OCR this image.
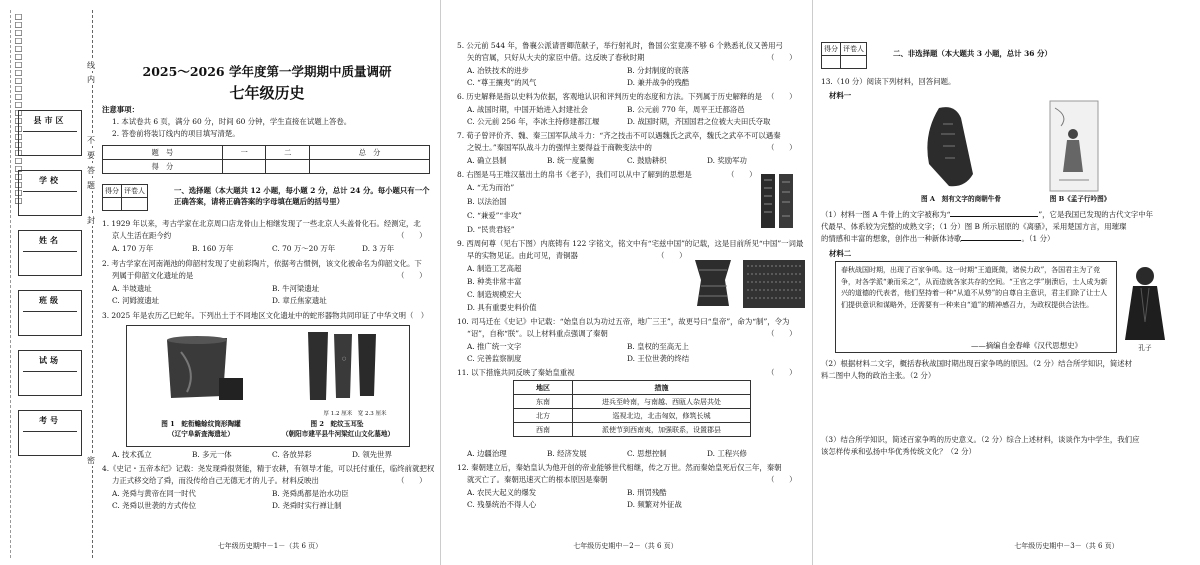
线
内
不
要
答
题
封
密
□□□□□□□□□□□□□□□□□□□□□□□□	县市区
学校
姓名
班级
试场
考号
2025～2026 学年度第一学期期中质量调研
七年级历史
注意事项：
1. 本试卷共 6 页，满分 60 分，时间 60 分钟，学生直接在试题上答卷。
2. 答卷前将装订线内的项目填写清楚。
题　号	一	二	总　分
得　分			
得分	评卷人
		一、选择题（本大题共 12 小题，每小题 2 分，总计 24 分。每小题只有一个正确答案，请将正确答案的字母填在题后的括号里）
1. 1929 年以来，考古学家在北京周口店龙骨山上相继发现了一些北京人头盖骨化石。经测定，北
京人生活在距今约	（　　）
A. 170 万年	B. 160 万年	C. 70 万～20 万年	D. 3 万年
2. 考古学家在河南渑池的仰韶村发现了史前彩陶片，依据考古惯例，该文化被命名为仰韶文化。下
列属于仰韶文化遗址的是	（　　）
A. 半坡遗址	B. 牛河梁遗址
C. 河姆渡遗址	D. 章丘焦家遗址
3. 2025 年是农历乙巳蛇年。下列出土于不同地区文化遗址中的蛇形器物共同印证了中华文明（　）
○
厚 1.2 厘米　宽 2.3 厘米
图 1　蛇衔蟾蜍纹筒形陶罐
（辽宁阜新查海遗址）
图 2　蛇纹玉耳坠
（朝阳市建平县牛河梁红山文化墓地）
A. 技术孤立	B. 多元一体	C. 各放异彩	D. 领先世界
4.《史记・五帝本纪》记载：尧发现舜很贤能，精于农耕，有领导才能，可以托付重任，临终前就把权
力正式移交给了舜，而没传给自己无德无才的儿子。材料反映出	（　　）
A. 尧舜与黄帝在同一时代	B. 尧舜禹都是治水功臣
C. 尧舜以世袭的方式传位	D. 尧舜时实行禅让制
七年级历史期中－1－（共 6 页）
5. 公元前 544 年，鲁襄公派请晋卿范献子，举行射礼时，鲁国公室竟凑不够 6 个熟悉礼仪又善用弓
矢的官属，只好从大夫的家臣中借。这反映了春秋时期	（　　）
A. 冶铁技术的进步	B. 分封制度的衰落
C. “尊王攘夷”的风气	D. 兼并战争的残酷
6. 历史解释是指以史料为依据，客观地认识和评判历史的态度和方法。下列属于历史解释的是 （　　）
A. 战国时期，中国开始进入封建社会	B. 公元前 770 年，周平王迁都洛邑
C. 公元前 256 年，李冰主持修建都江堰	D. 战国时期，齐国国君之位被大夫田氏夺取
7. 荀子曾评价齐、魏、秦三国军队战斗力：“齐之技击不可以遇魏氏之武卒，魏氏之武卒不可以遇秦
之锐士。”秦国军队战斗力的强悍主要得益于商鞅变法中的	（　　）
A. 确立县制	B. 统一度量衡	C. 鼓励耕织	D. 奖励军功
8. 右图是马王堆汉墓出土的帛书《老子》，我们可以从中了解到的思想是	（　　）
A. “无为而治”
B. 以法治国
C. “兼爱”“非攻”
D. “民贵君轻”
9. 西周何尊（见右下图）内底铸有 122 字铭文，铭文中有“宅兹中国”的记载，这是目前所见“中国”一词最
早的实物见证。由此可见，青铜器	（　　）
A. 制造工艺高超
B. 种类非常丰富
C. 制造规模宏大
D. 具有重要史料价值
10. 司马迁在《史记》中记载：“始皇自以为功过五帝，地广三王”，故更号曰“皇帝”，命为“制”，令为
“诏”，自称“朕”。以上材料重点强调了秦朝	（　　）
A. 推广统一文字	B. 皇权的至高无上
C. 完善监察制度	D. 王位世袭的终结
11. 以下措施共同反映了秦始皇重视	（　　）
地区	措施
东南	进兵至岭南，与南越、西瓯人杂居共处
北方	巡视北边，北击匈奴，修筑长城
西南	派使节到西南夷，加强联系，设置郡县
A. 边疆治理	B. 经济发展	C. 思想控制	D. 工程兴修
12. 秦朝建立后，秦始皇认为他开创的帝业能够世代相继，传之万世。然而秦始皇死后仅三年，秦朝
就灭亡了。秦朝迅速灭亡的根本原因是秦朝	（　　）
A. 农民大起义的爆发	B. 刑罚残酷
C. 残暴统治不得人心	D. 频繁对外征战
七年级历史期中－2－（共 6 页）
得分	评卷人
		二、非选择题（本大题共 3 小题，总计 36 分）
13.（10 分）阅读下列材料，回答问题。
材料一
图 A　刻有文字的商朝牛骨	图 B《孟子行吟图》
（1）材料一图 A 牛骨上的文字被称为“	”，它是我国已发现的古代文字中年
代最早、体系较为完整的成熟文字；（1 分）图 B 所示屈原的《离骚》，采用楚国方言，用璀璨
的情感和丰富的想象，创作出一种新体诗歌	。（1 分）
材料二
春秋战国时期，出现了百家争鸣。这一时期“王道既微，诸侯力政”，各国君主为了竞争，对各学派“兼而采之”，从而造就各家共存的空间。“王官之学”崩溃后，士人成为新兴的道德的代表者，他们坚持着一种“从道不从势”的自尊自主意识，君主们除了让士人们提供意识和谋略外，还需要有一种来自“道”的精神感召力，为政权提供合法性。
——摘编自金春峰《汉代思想史》	孔子
（2）根据材料二文字，概括春秋战国时期出现百家争鸣的原因。（2 分）结合所学知识，简述材
料二图中人物的政治主张。（2 分）
（3）结合所学知识，简述百家争鸣的历史意义。（2 分）综合上述材料，谈谈作为中学生，我们应
该怎样传承和弘扬中华优秀传统文化？（2 分）
七年级历史期中－3－（共 6 页）
